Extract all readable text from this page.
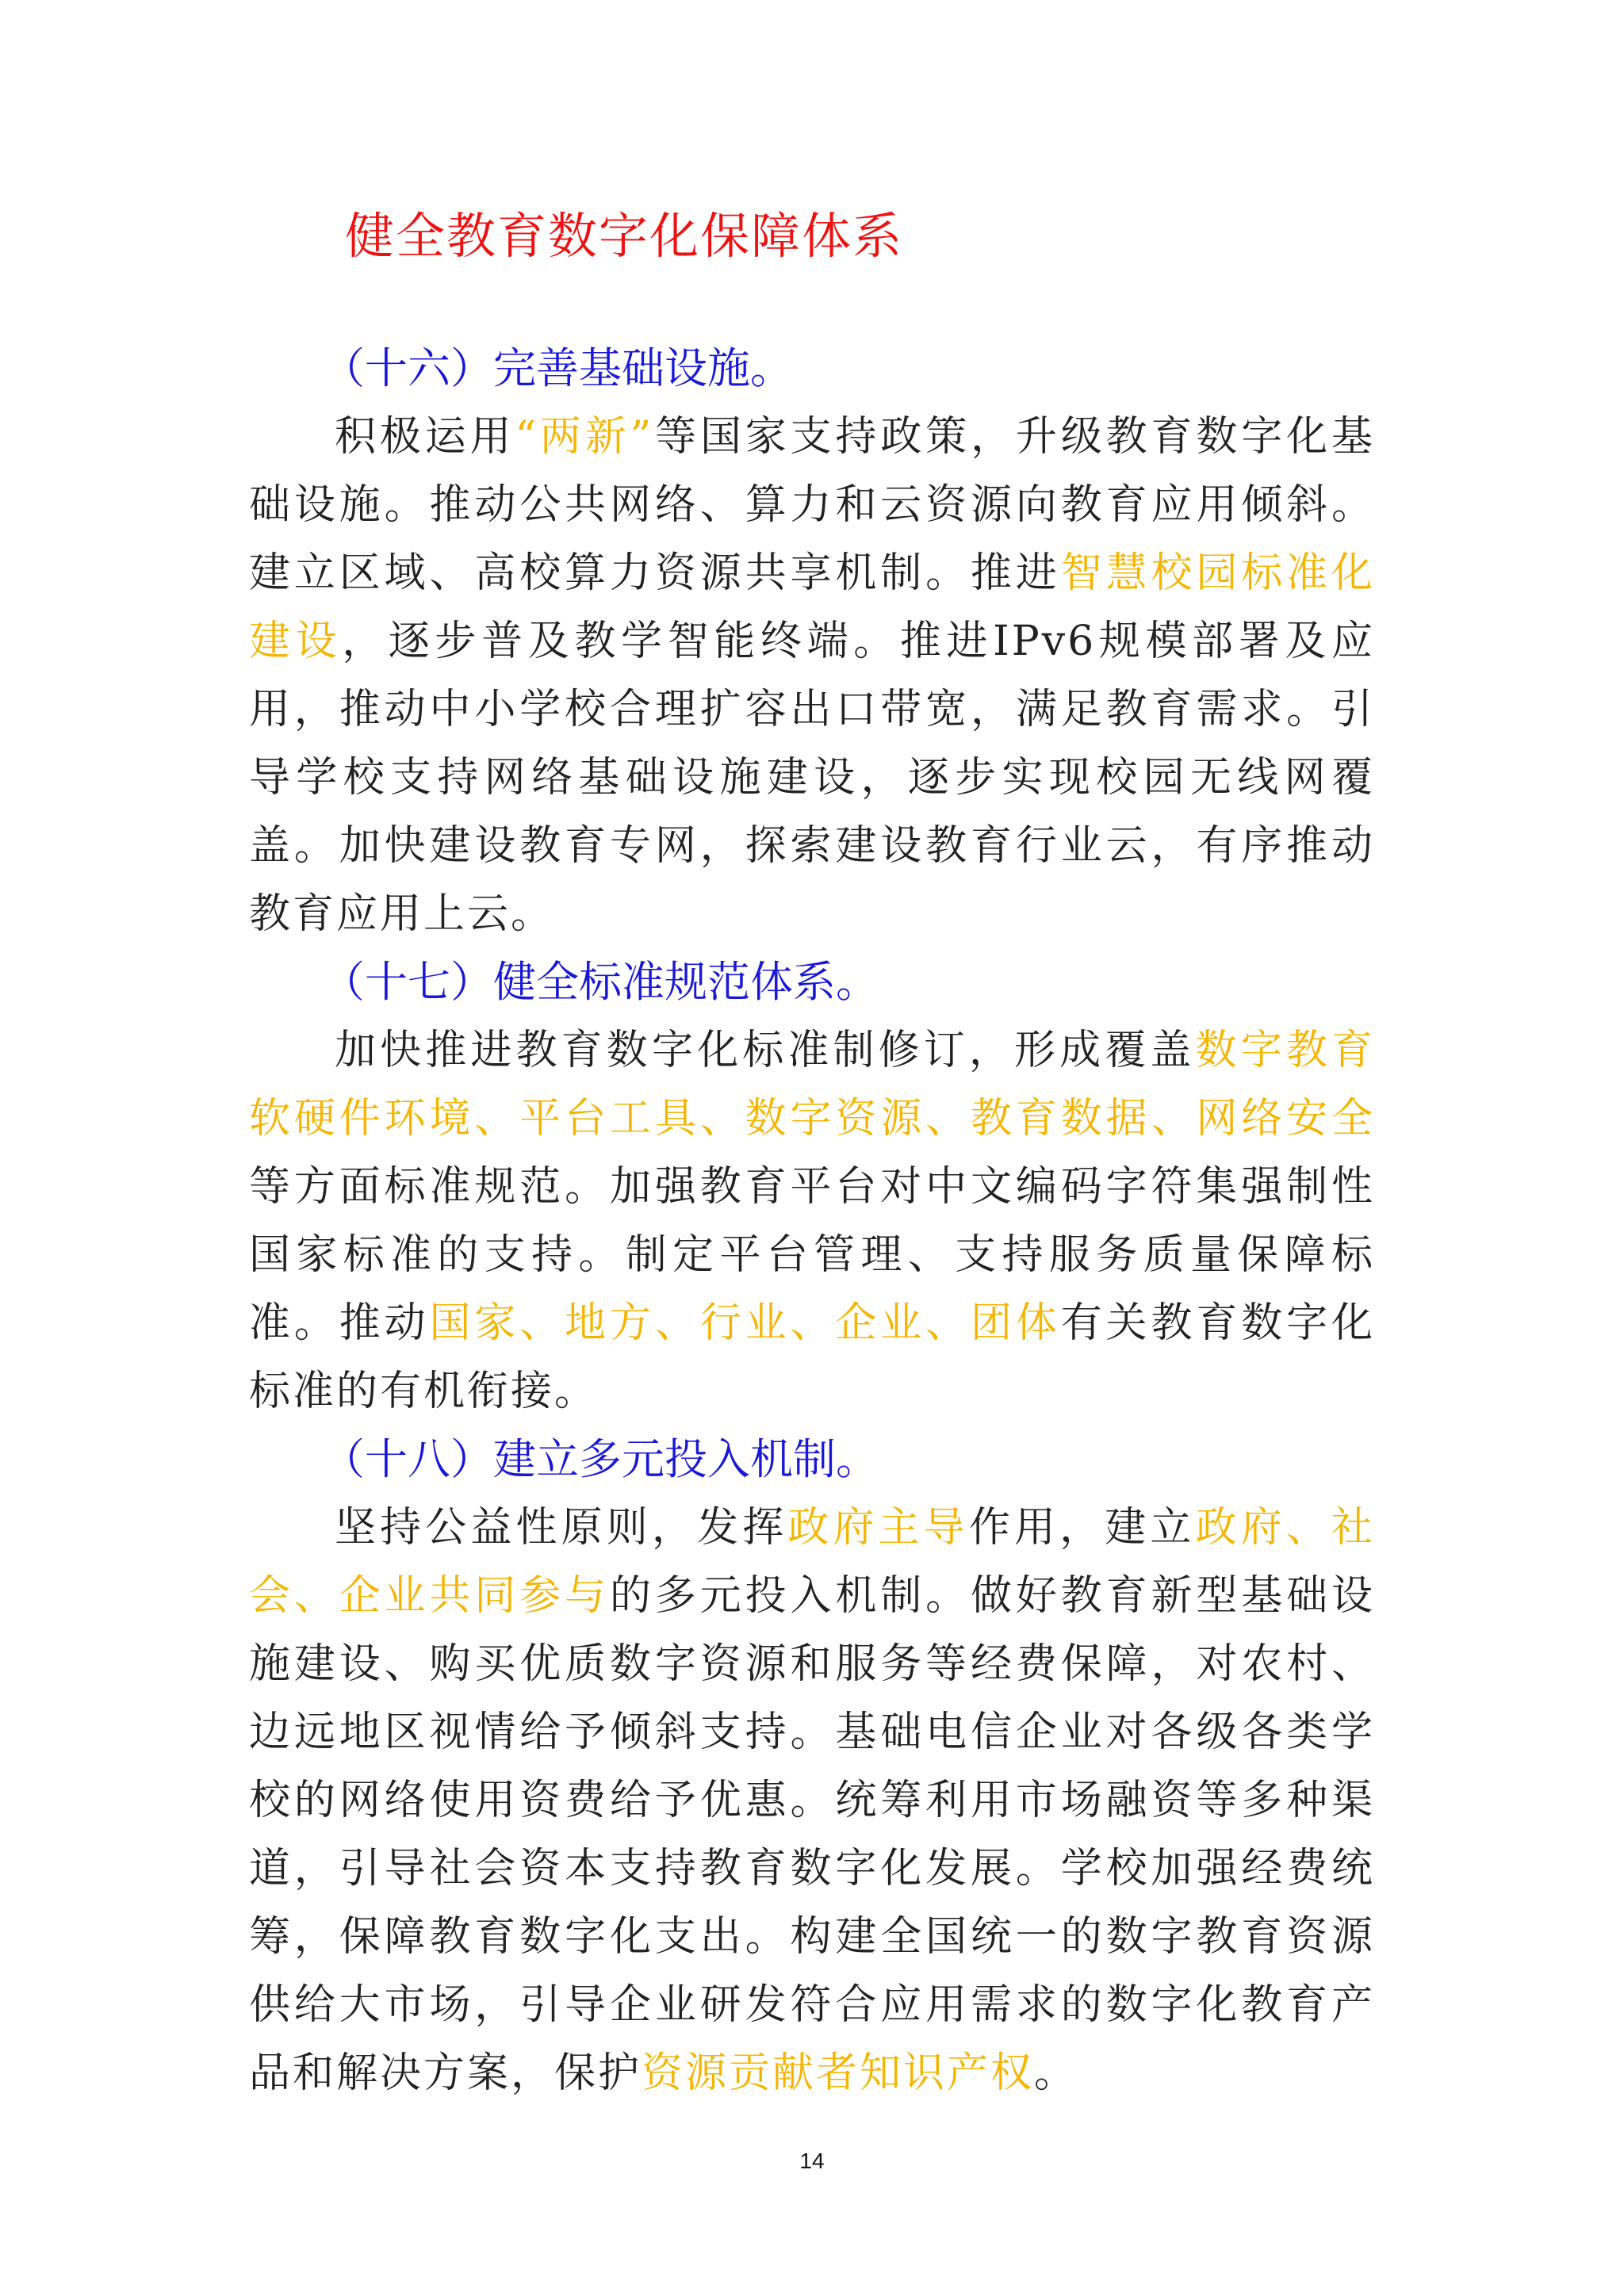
健全教育数字化保障体系
（十六）完善基础设施。

积极运用“两新”等国家支持政策，升级教育数字化基础设施。推动公共网络、算力和云资源向教育应用倾斜。建立区域、高校算力资源共享机制。推进智慧校园标准化建设，逐步普及教学智能终端。推进IPv6规模部署及应用，推动中小学校合理扩容出口带宽，满足教育需求。引导学校支持网络基础设施建设，逐步实现校园无线网覆盖。加快建设教育专网，探索建设教育行业云，有序推动教育应用上云。

（十七）健全标准规范体系。

加快推进教育数字化标准制修订，形成覆盖数字教育软硬件环境、平台工具、数字资源、教育数据、网络安全等方面标准规范。加强教育平台对中文编码字符集强制性国家标准的支持。制定平台管理、支持服务质量保障标准。推动国家、地方、行业、企业、团体有关教育数字化标准的有机衔接。

（十八）建立多元投入机制。

坚持公益性原则，发挥政府主导作用，建立政府、社会、企业共同参与的多元投入机制。做好教育新型基础设施建设、购买优质数字资源和服务等经费保障，对农村、边远地区视情给予倾斜支持。基础电信企业对各级各类学校的网络使用资费给予优惠。统筹利用市场融资等多种渠道，引导社会资本支持教育数字化发展。学校加强经费统筹，保障教育数字化支出。构建全国统一的数字教育资源供给大市场，引导企业研发符合应用需求的数字化教育产品和解决方案，保护资源贡献者知识产权。

14
